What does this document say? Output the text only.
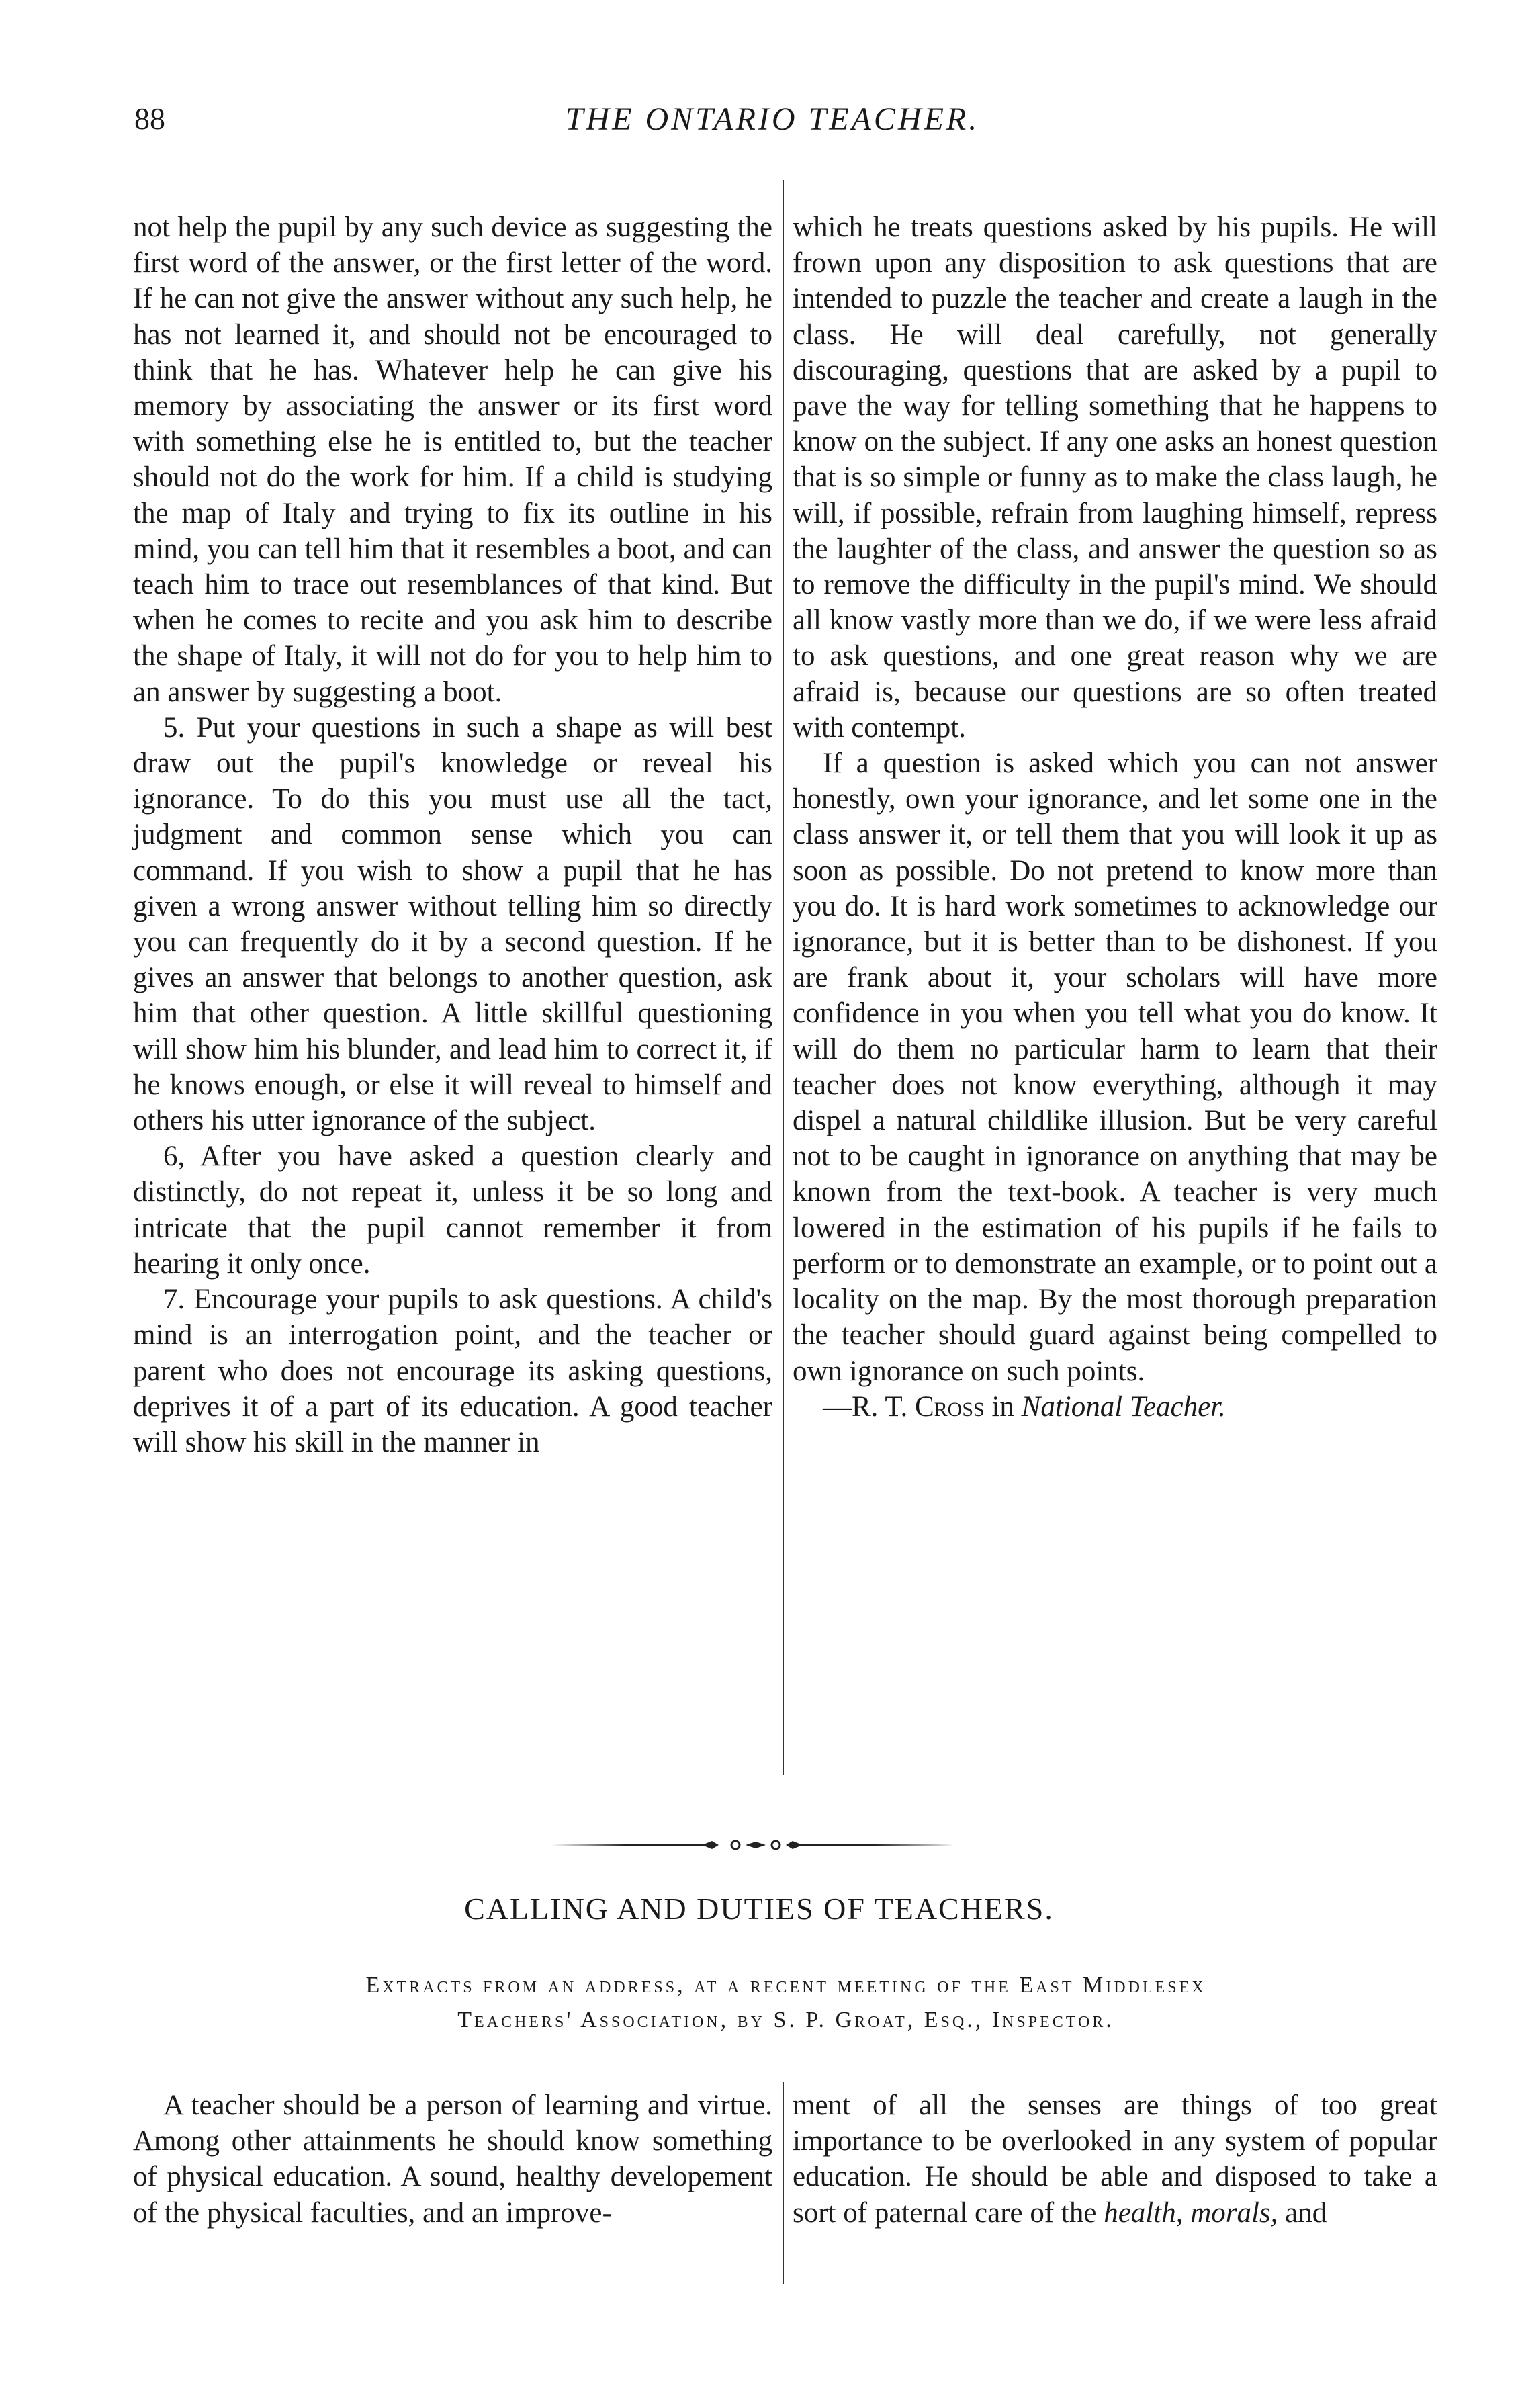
88	THE ONTARIO TEACHER.

not help the pupil by any such device as suggesting the first word of the answer, or the first letter of the word. If he can not give the answer without any such help, he has not learned it, and should not be encouraged to think that he has. Whatever help he can give his memory by associating the answer or its first word with something else he is entitled to, but the teacher should not do the work for him. If a child is studying the map of Italy and trying to fix its outline in his mind, you can tell him that it resembles a boot, and can teach him to trace out resemblances of that kind. But when he comes to recite and you ask him to describe the shape of Italy, it will not do for you to help him to an answer by suggesting a boot.

5. Put your questions in such a shape as will best draw out the pupil's knowledge or reveal his ignorance. To do this you must use all the tact, judgment and common sense which you can command. If you wish to show a pupil that he has given a wrong answer without telling him so directly you can frequently do it by a second question. If he gives an answer that belongs to another question, ask him that other question. A little skillful questioning will show him his blunder, and lead him to correct it, if he knows enough, or else it will reveal to himself and others his utter ignorance of the subject.

6, After you have asked a question clearly and distinctly, do not repeat it, unless it be so long and intricate that the pupil cannot remember it from hearing it only once.

7. Encourage your pupils to ask questions. A child's mind is an interrogation point, and the teacher or parent who does not encourage its asking questions, deprives it of a part of its education. A good teacher will show his skill in the manner in

which he treats questions asked by his pupils. He will frown upon any disposition to ask questions that are intended to puzzle the teacher and create a laugh in the class. He will deal carefully, not generally discouraging, questions that are asked by a pupil to pave the way for telling something that he happens to know on the subject. If any one asks an honest question that is so simple or funny as to make the class laugh, he will, if possible, refrain from laughing himself, repress the laughter of the class, and answer the question so as to remove the difficulty in the pupil's mind. We should all know vastly more than we do, if we were less afraid to ask questions, and one great reason why we are afraid is, because our questions are so often treated with contempt.

If a question is asked which you can not answer honestly, own your ignorance, and let some one in the class answer it, or tell them that you will look it up as soon as possible. Do not pretend to know more than you do. It is hard work sometimes to acknowledge our ignorance, but it is better than to be dishonest. If you are frank about it, your scholars will have more confidence in you when you tell what you do know. It will do them no particular harm to learn that their teacher does not know everything, although it may dispel a natural childlike illusion. But be very careful not to be caught in ignorance on anything that may be known from the text-book. A teacher is very much lowered in the estimation of his pupils if he fails to perform or to demonstrate an example, or to point out a locality on the map. By the most thorough preparation the teacher should guard against being compelled to own ignorance on such points.

—R. T. Cross in National Teacher.

CALLING AND DUTIES OF TEACHERS.
Extracts from an address, at a recent meeting of the East Middlesex
Teachers' Association, by S. P. Groat, Esq., Inspector.

A teacher should be a person of learning and virtue. Among other attainments he should know something of physical education. A sound, healthy developement of the physical faculties, and an improve-

ment of all the senses are things of too great importance to be overlooked in any system of popular education. He should be able and disposed to take a sort of paternal care of the health, morals, and
